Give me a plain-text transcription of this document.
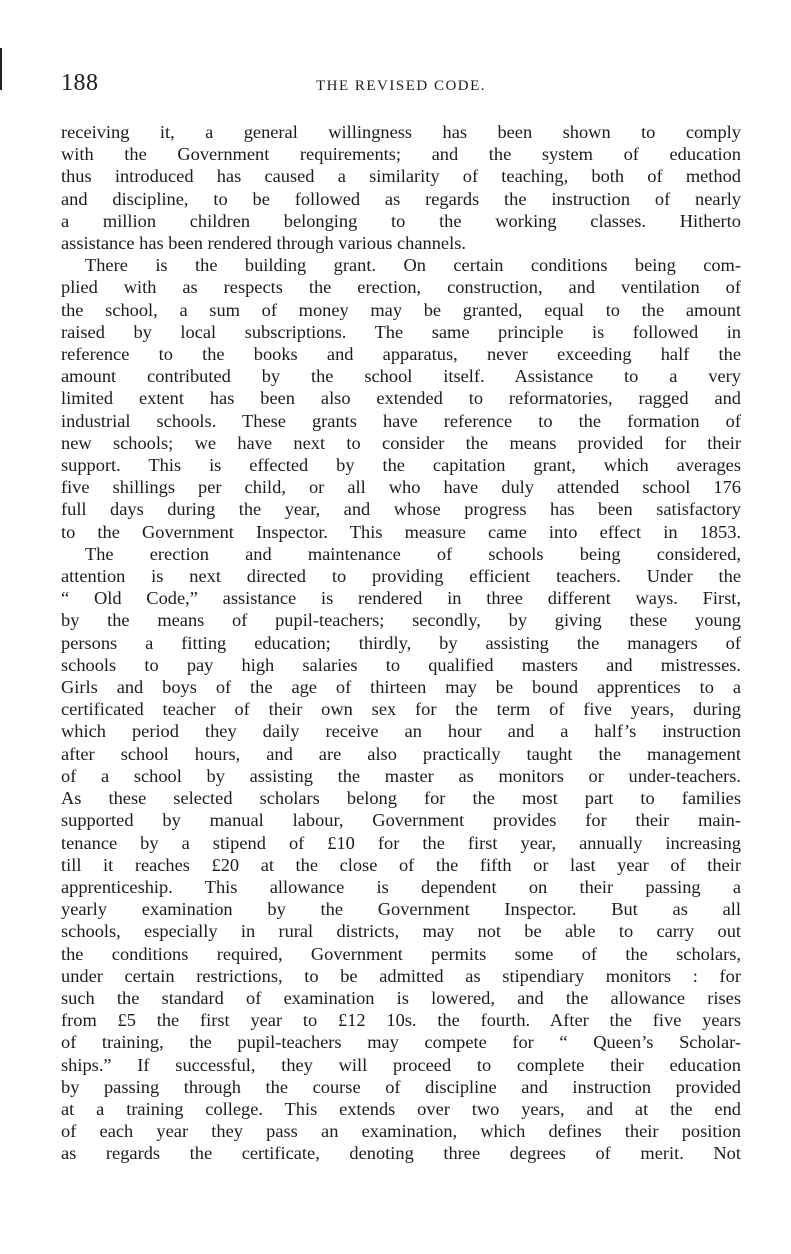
188	THE REVISED CODE.
receiving it, a general willingness has been shown to comply
with the Government requirements; and the system of education
thus introduced has caused a similarity of teaching, both of method
and discipline, to be followed as regards the instruction of nearly
a million children belonging to the working classes. Hitherto
assistance has been rendered through various channels.
There is the building grant. On certain conditions being com-
plied with as respects the erection, construction, and ventilation of
the school, a sum of money may be granted, equal to the amount
raised by local subscriptions. The same principle is followed in
reference to the books and apparatus, never exceeding half the
amount contributed by the school itself. Assistance to a very
limited extent has been also extended to reformatories, ragged and
industrial schools. These grants have reference to the formation of
new schools; we have next to consider the means provided for their
support. This is effected by the capitation grant, which averages
five shillings per child, or all who have duly attended school 176
full days during the year, and whose progress has been satisfactory
to the Government Inspector. This measure came into effect in 1853.
The erection and maintenance of schools being considered,
attention is next directed to providing efficient teachers. Under the
“ Old Code,” assistance is rendered in three different ways. First,
by the means of pupil-teachers; secondly, by giving these young
persons a fitting education; thirdly, by assisting the managers of
schools to pay high salaries to qualified masters and mistresses.
Girls and boys of the age of thirteen may be bound apprentices to a
certificated teacher of their own sex for the term of five years, during
which period they daily receive an hour and a half’s instruction
after school hours, and are also practically taught the management
of a school by assisting the master as monitors or under-teachers.
As these selected scholars belong for the most part to families
supported by manual labour, Government provides for their main-
tenance by a stipend of £10 for the first year, annually increasing
till it reaches £20 at the close of the fifth or last year of their
apprenticeship. This allowance is dependent on their passing a
yearly examination by the Government Inspector. But as all
schools, especially in rural districts, may not be able to carry out
the conditions required, Government permits some of the scholars,
under certain restrictions, to be admitted as stipendiary monitors : for
such the standard of examination is lowered, and the allowance rises
from £5 the first year to £12 10s. the fourth. After the five years
of training, the pupil-teachers may compete for “ Queen’s Scholar-
ships.” If successful, they will proceed to complete their education
by passing through the course of discipline and instruction provided
at a training college. This extends over two years, and at the end
of each year they pass an examination, which defines their position
as regards the certificate, denoting three degrees of merit. Not
